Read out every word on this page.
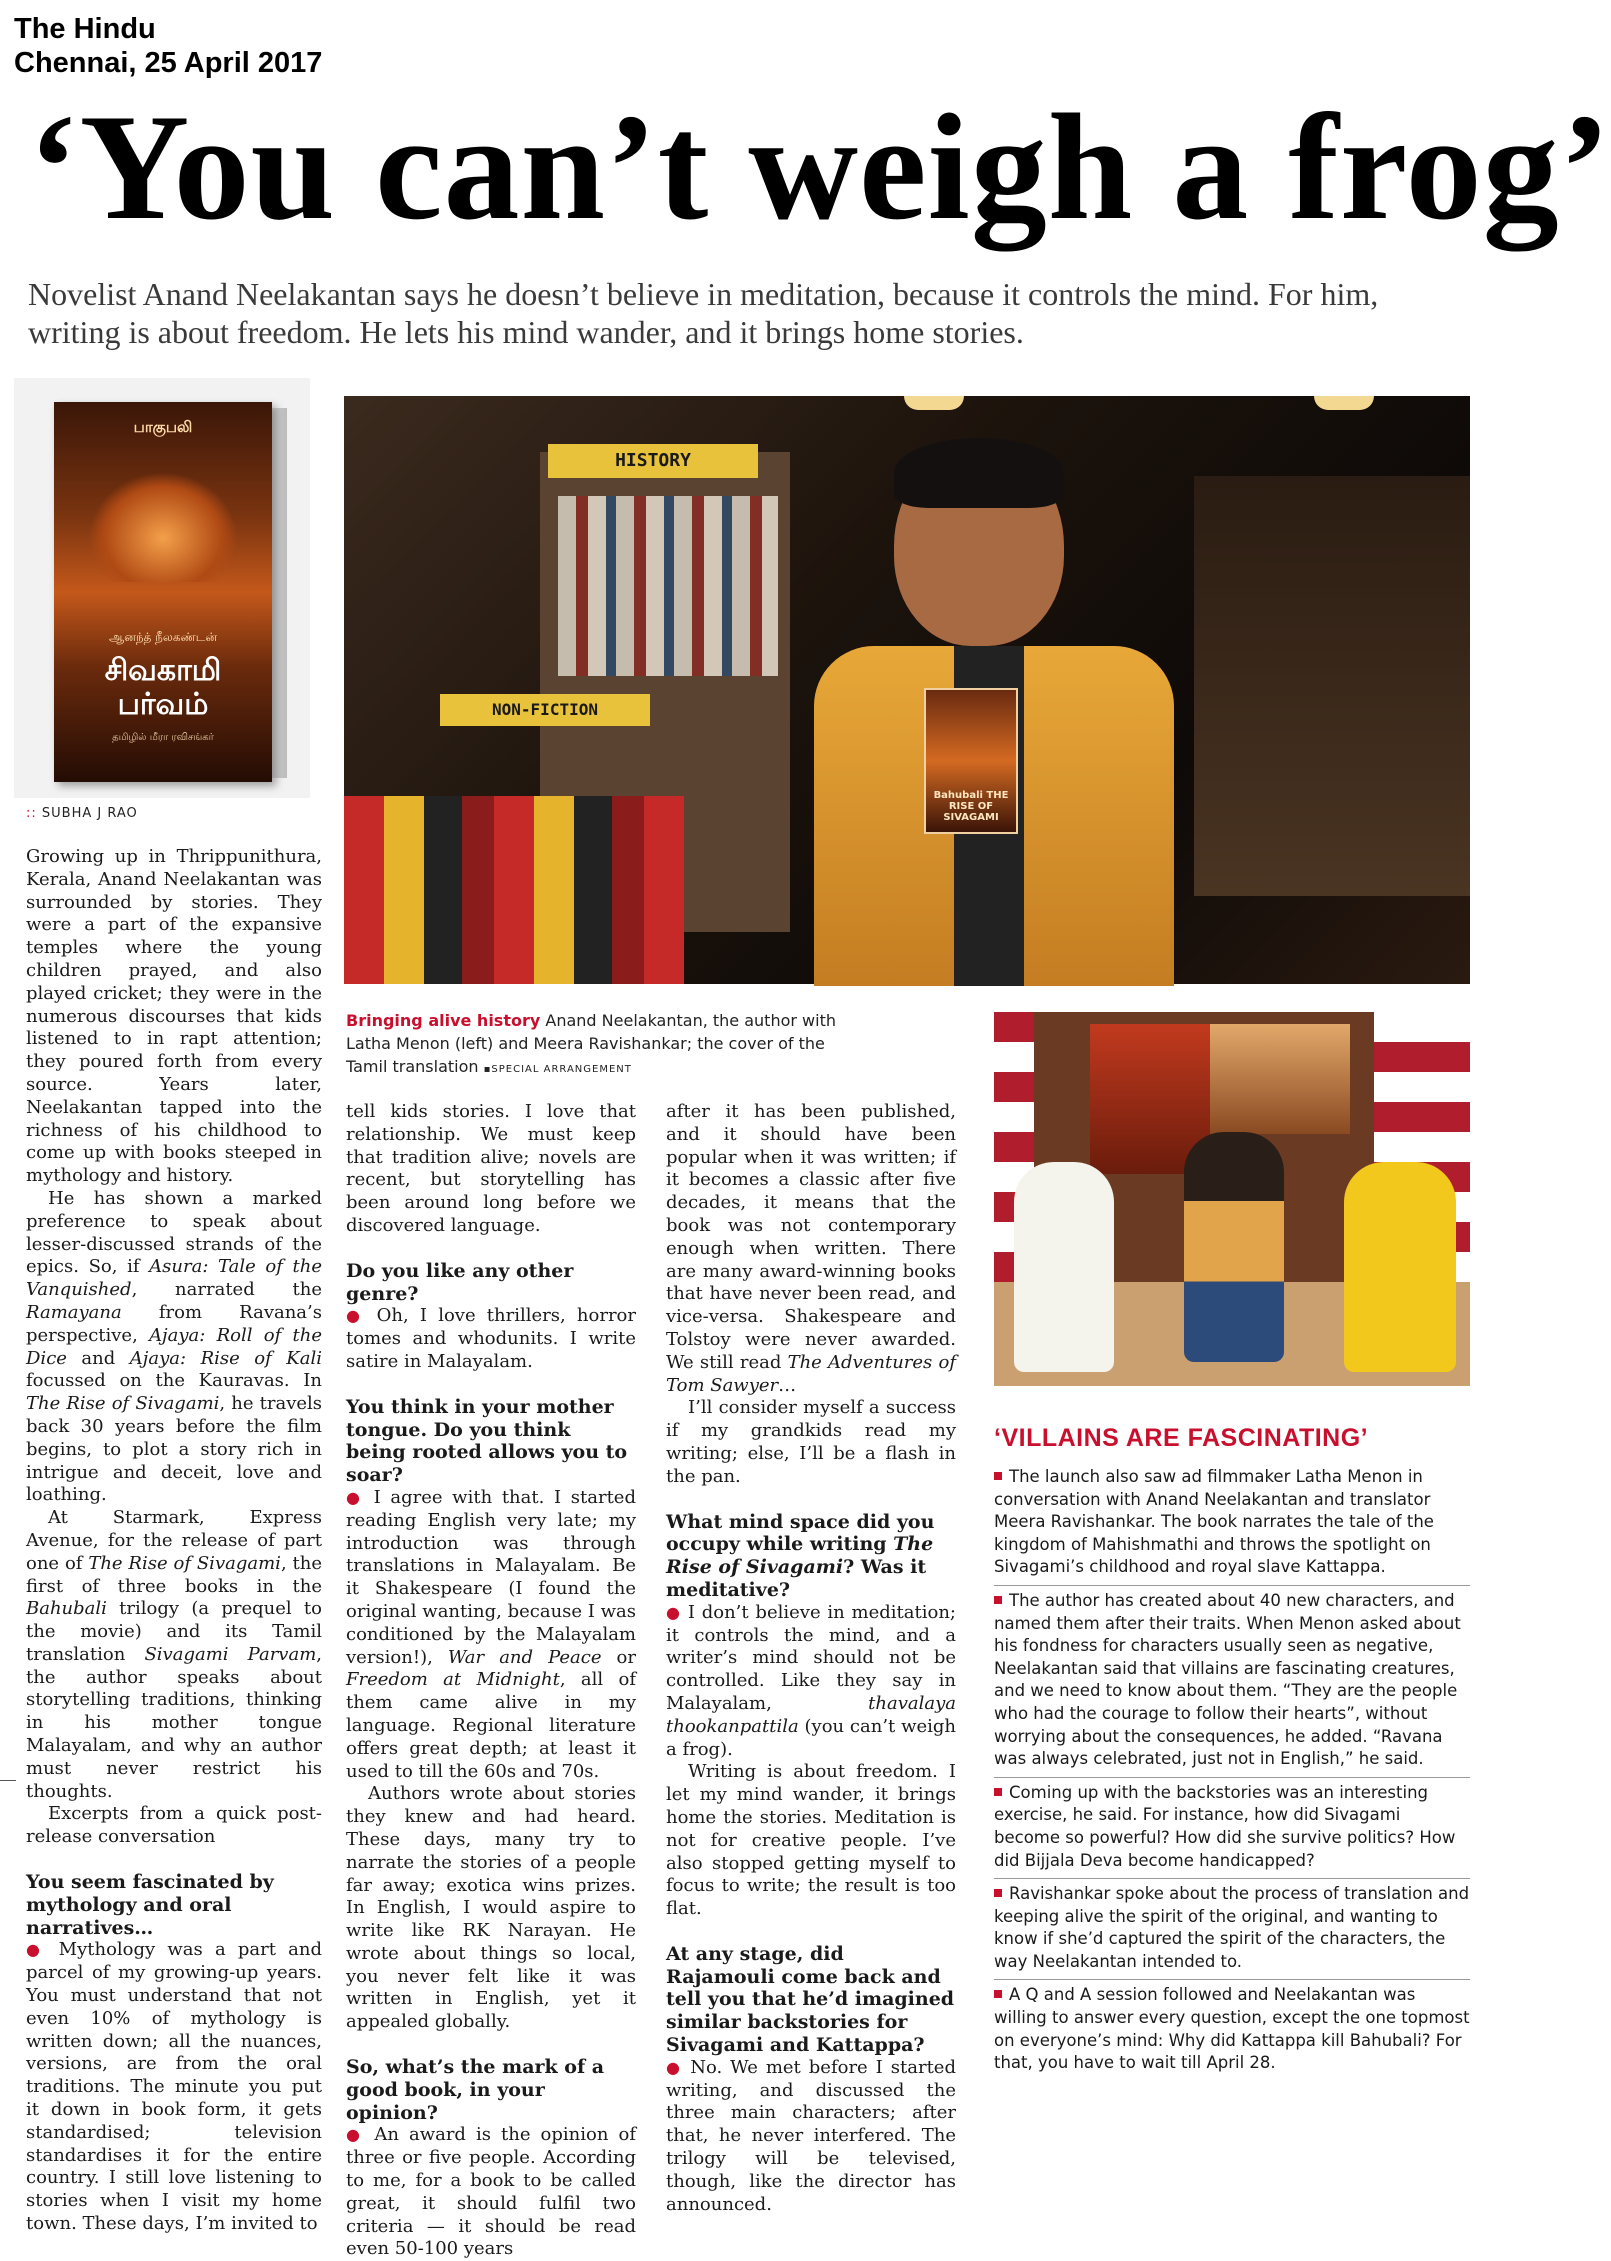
The Hindu
Chennai, 25 April 2017
‘You can’t weigh a frog’

Novelist Anand Neelakantan says he doesn’t believe in meditation, because it controls the mind. For him, writing is about freedom. He lets his mind wander, and it brings home stories.

பாகுபலி
ஆனந்த் நீலகண்டன்
சிவகாமி
பர்வம்
தமிழில் மீரா ரவிசங்கர்
:: SUBHA J RAO
HISTORY
NON-FICTION
Bahubali THE RISE OF SIVAGAMI
Bringing alive history Anand Neelakantan, the author with Latha Menon (left) and Meera Ravishankar; the cover of the Tamil translation ▪SPECIAL ARRANGEMENT

Growing up in Thrippunithura, Kerala, Anand Neelakantan was surrounded by stories. They were a part of the expansive temples where the young children prayed, and also played cricket; they were in the numerous discourses that kids listened to in rapt attention; they poured forth from every source. Years later, Neelakantan tapped into the richness of his childhood to come up with books steeped in mythology and history.

He has shown a marked preference to speak about lesser-discussed strands of the epics. So, if Asura: Tale of the Vanquished, narrated the Ramayana from Ravana’s perspective, Ajaya: Roll of the Dice and Ajaya: Rise of Kali focussed on the Kauravas. In The Rise of Sivagami, he travels back 30 years before the film begins, to plot a story rich in intrigue and deceit, love and loathing.

At Starmark, Express Avenue, for the release of part one of The Rise of Sivagami, the first of three books in the Bahubali trilogy (a prequel to the movie) and its Tamil translation Sivagami Parvam, the author speaks about storytelling traditions, thinking in his mother tongue Malayalam, and why an author must never restrict his thoughts.

Excerpts from a quick post-release conversation

You seem fascinated by mythology and oral narratives…

● Mythology was a part and parcel of my growing-up years. You must understand that not even 10% of mythology is written down; all the nuances, versions, are from the oral traditions. The minute you put it down in book form, it gets standardised; television standardises it for the entire country. I still love listening to stories when I visit my home town. These days, I’m invited to

tell kids stories. I love that relationship. We must keep that tradition alive; novels are recent, but storytelling has been around long before we discovered language.

Do you like any other genre?

● Oh, I love thrillers, horror tomes and whodunits. I write satire in Malayalam.

You think in your mother tongue. Do you think being rooted allows you to soar?

● I agree with that. I started reading English very late; my introduction was through translations in Malayalam. Be it Shakespeare (I found the original wanting, because I was conditioned by the Malayalam version!), War and Peace or Freedom at Midnight, all of them came alive in my language. Regional literature offers great depth; at least it used to till the 60s and 70s.

Authors wrote about stories they knew and had heard. These days, many try to narrate the stories of a people far away; exotica wins prizes. In English, I would aspire to write like RK Narayan. He wrote about things so local, you never felt like it was written in English, yet it appealed globally.

So, what’s the mark of a good book, in your opinion?

● An award is the opinion of three or five people. According to me, for a book to be called great, it should fulfil two criteria — it should be read even 50-100 years

after it has been published, and it should have been popular when it was written; if it becomes a classic after five decades, it means that the book was not contemporary enough when written. There are many award-winning books that have never been read, and vice-versa. Shakespeare and Tolstoy were never awarded. We still read The Adventures of Tom Sawyer…

I’ll consider myself a success if my grandkids read my writing; else, I’ll be a flash in the pan.

What mind space did you occupy while writing The Rise of Sivagami? Was it meditative?

● I don’t believe in meditation; it controls the mind, and a writer’s mind should not be controlled. Like they say in Malayalam, thavalaya thookanpattila (you can’t weigh a frog).

Writing is about freedom. I let my mind wander, it brings home the stories. Meditation is not for creative people. I’ve also stopped getting myself to focus to write; the result is too flat.

At any stage, did Rajamouli come back and tell you that he’d imagined similar backstories for Sivagami and Kattappa?

● No. We met before I started writing, and discussed the three main characters; after that, he never interfered. The trilogy will be televised, though, like the director has announced.

‘VILLAINS ARE FASCINATING’
The launch also saw ad filmmaker Latha Menon in conversation with Anand Neelakantan and translator Meera Ravishankar. The book narrates the tale of the kingdom of Mahishmathi and throws the spotlight on Sivagami’s childhood and royal slave Kattappa.
The author has created about 40 new characters, and named them after their traits. When Menon asked about his fondness for characters usually seen as negative, Neelakantan said that villains are fascinating creatures, and we need to know about them. “They are the people who had the courage to follow their hearts”, without worrying about the consequences, he added. “Ravana was always celebrated, just not in English,” he said.
Coming up with the backstories was an interesting exercise, he said. For instance, how did Sivagami become so powerful? How did she survive politics? How did Bijjala Deva become handicapped?
Ravishankar spoke about the process of translation and keeping alive the spirit of the original, and wanting to know if she’d captured the spirit of the characters, the way Neelakantan intended to.
A Q and A session followed and Neelakantan was willing to answer every question, except the one topmost on everyone’s mind: Why did Kattappa kill Bahubali? For that, you have to wait till April 28.
